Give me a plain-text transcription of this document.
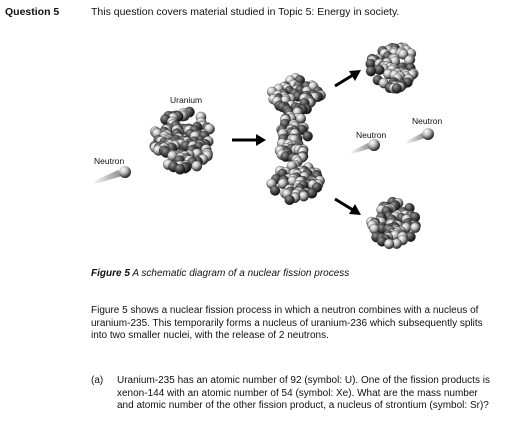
Question 5	This question covers material studied in Topic 5: Energy in society.
Uranium
Neutron
Neutron
Neutron
Figure 5 A schematic diagram of a nuclear fission process
Figure 5 shows a nuclear fission process in which a neutron combines with a nucleus of uranium-235. This temporarily forms a nucleus of uranium-236 which subsequently splits into two smaller nuclei, with the release of 2 neutrons.
(a) Uranium-235 has an atomic number of 92 (symbol: U). One of the fission products is xenon-144 with an atomic number of 54 (symbol: Xe). What are the mass number and atomic number of the other fission product, a nucleus of strontium (symbol: Sr)?
